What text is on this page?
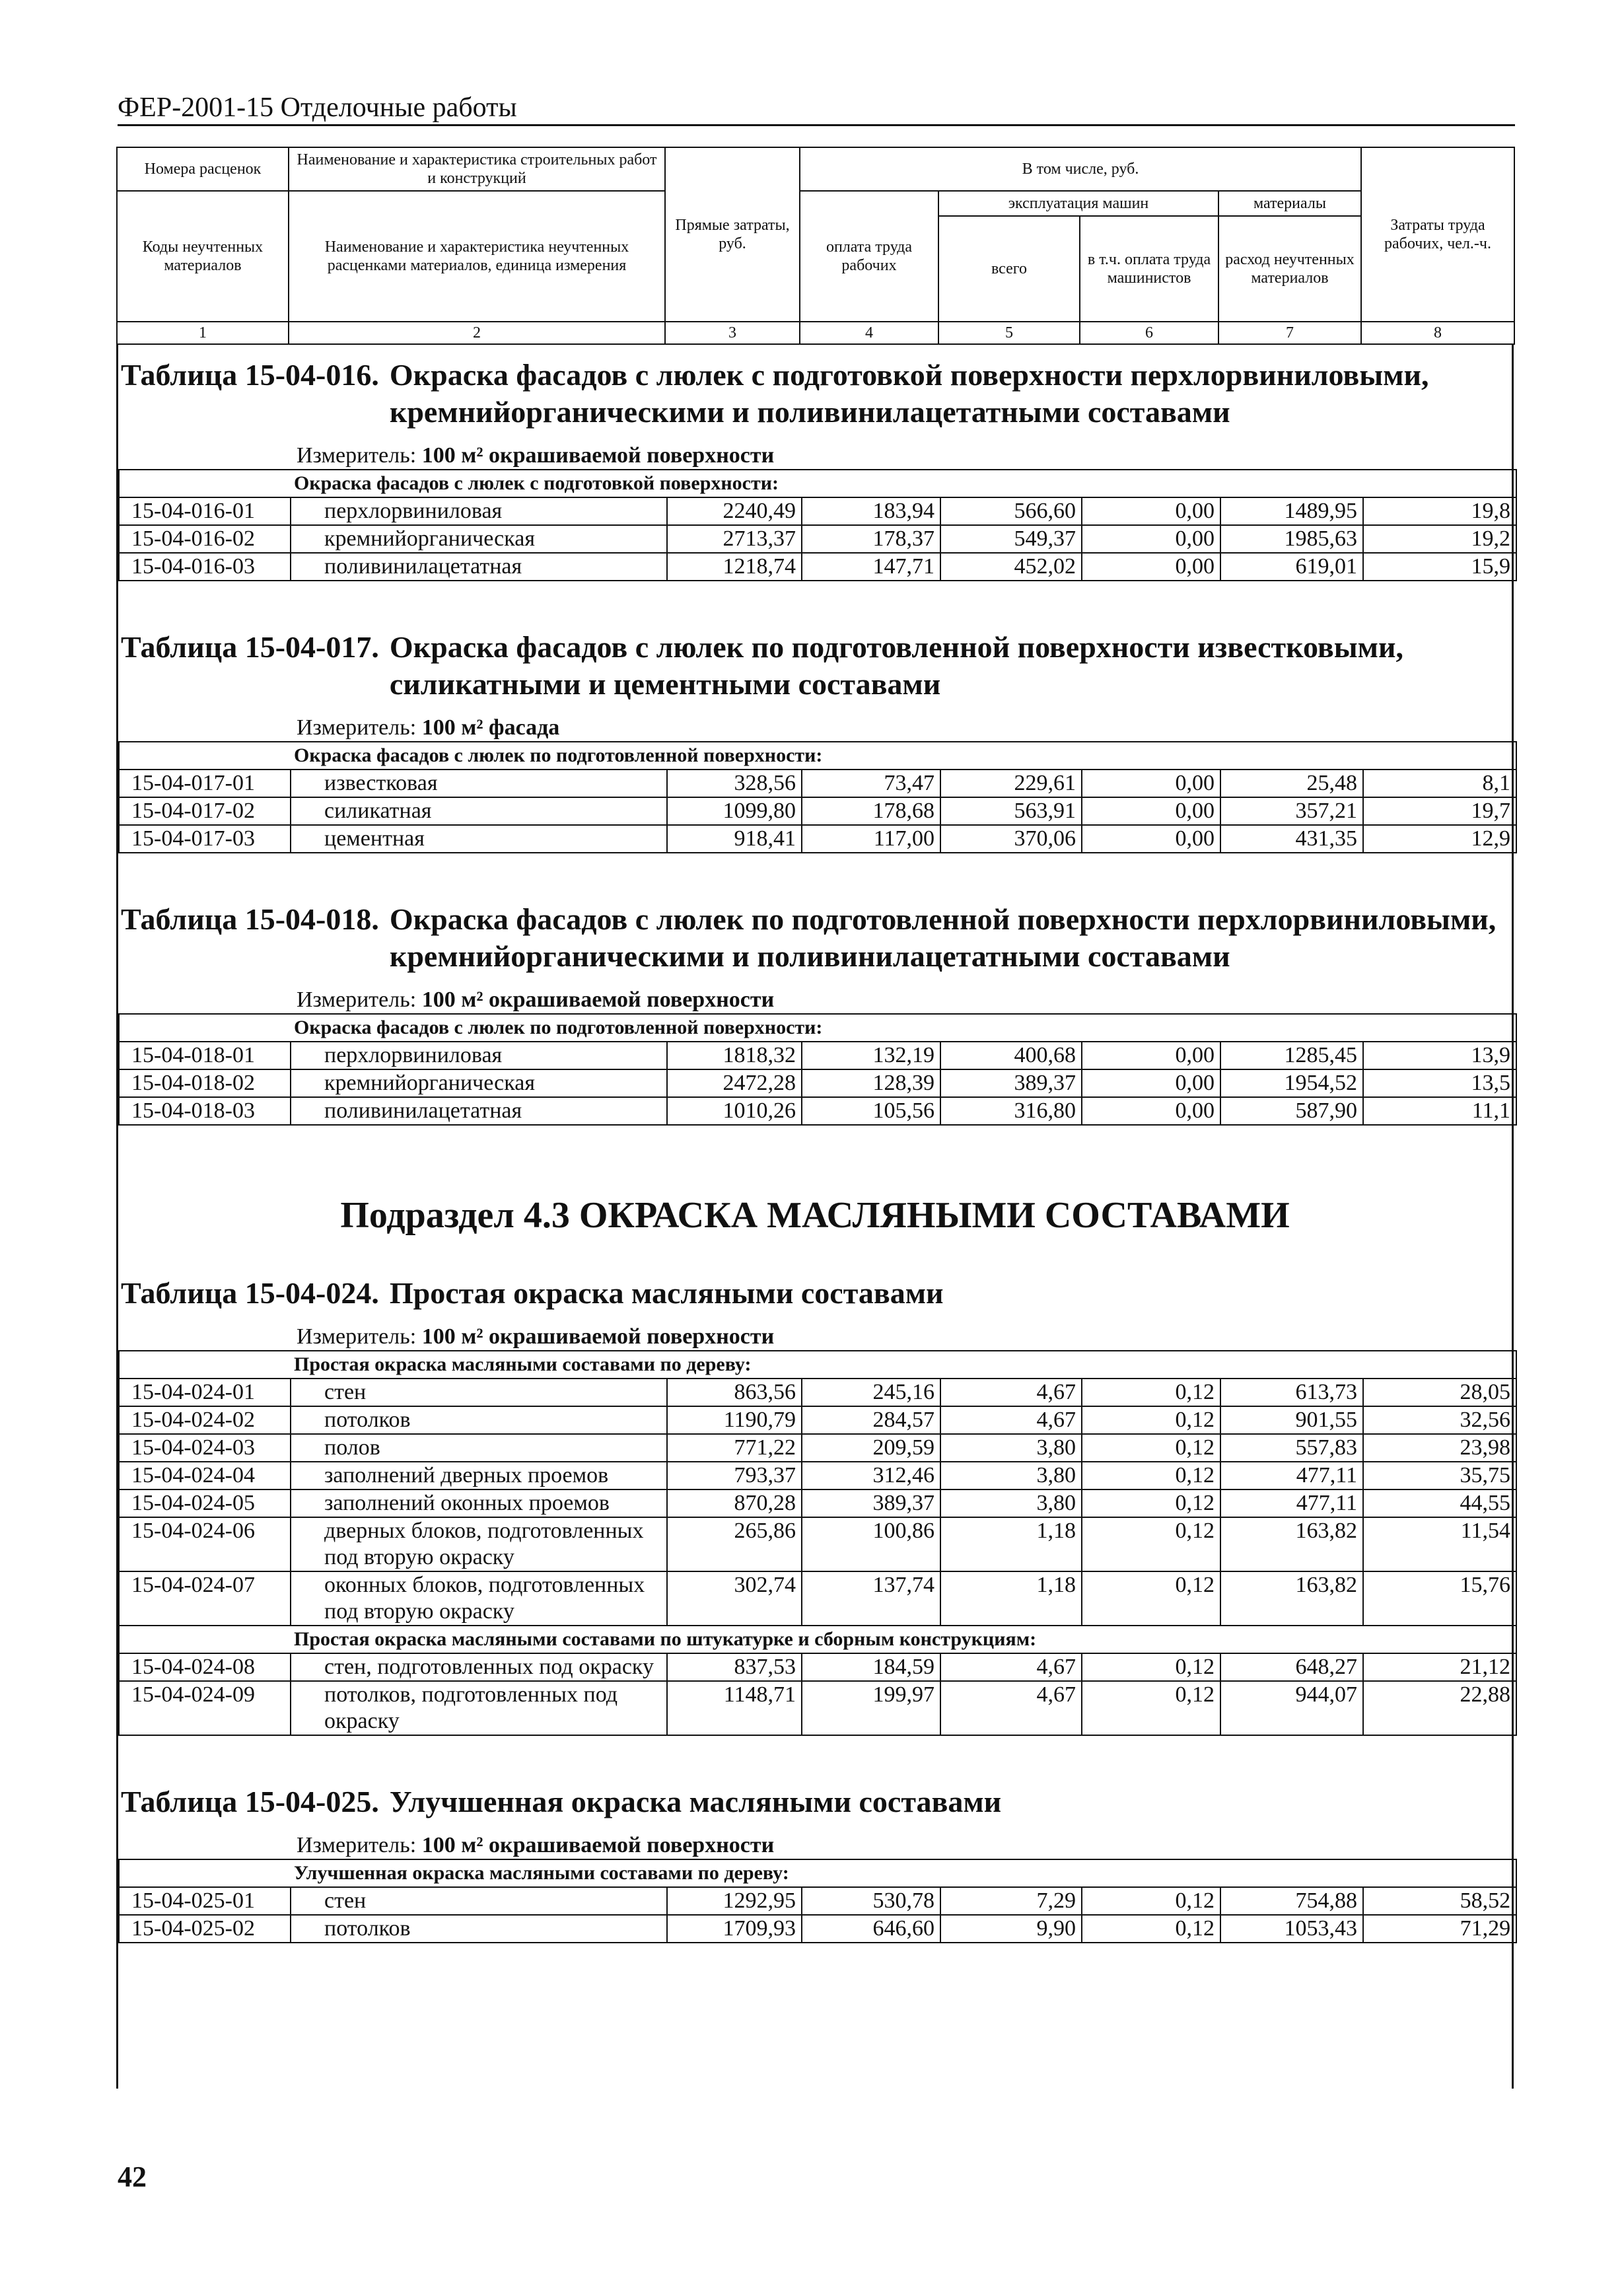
ФЕР-2001-15 Отделочные работы
Номера расценок	Наименование и характеристика строительных работ и конструкций	Прямые затраты, руб.	В том числе, руб.				Затраты труда рабочих, чел.-ч.
Коды неучтенных материалов	Наименование и характеристика неучтенных расценками материалов, единица измерения		оплата труда рабочих	эксплуатация машин		материалы	
				всего	в т.ч. оплата труда машинистов	расход неучтенных материалов	
1	2	3	4	5	6	7	8
Таблица 15-04-016. Окраска фасадов с люлек с подготовкой поверхности перхлорвиниловыми, кремнийорганическими и поливинилацетатными составами
Измеритель: 100 м² окрашиваемой поверхности
Окраска фасадов с люлек с подготовкой поверхности:							
15-04-016-01	перхлорвиниловая	2240,49	183,94	566,60	0,00	1489,95	19,8
15-04-016-02	кремнийорганическая	2713,37	178,37	549,37	0,00	1985,63	19,2
15-04-016-03	поливинилацетатная	1218,74	147,71	452,02	0,00	619,01	15,9
Таблица 15-04-017. Окраска фасадов с люлек по подготовленной поверхности известковыми, силикатными и цементными составами
Измеритель: 100 м² фасада
Окраска фасадов с люлек по подготовленной поверхности:							
15-04-017-01	известковая	328,56	73,47	229,61	0,00	25,48	8,1
15-04-017-02	силикатная	1099,80	178,68	563,91	0,00	357,21	19,7
15-04-017-03	цементная	918,41	117,00	370,06	0,00	431,35	12,9
Таблица 15-04-018. Окраска фасадов с люлек по подготовленной поверхности перхлорвиниловыми, кремнийорганическими и поливинилацетатными составами
Измеритель: 100 м² окрашиваемой поверхности
Окраска фасадов с люлек по подготовленной поверхности:							
15-04-018-01	перхлорвиниловая	1818,32	132,19	400,68	0,00	1285,45	13,9
15-04-018-02	кремнийорганическая	2472,28	128,39	389,37	0,00	1954,52	13,5
15-04-018-03	поливинилацетатная	1010,26	105,56	316,80	0,00	587,90	11,1
Подраздел 4.3 ОКРАСКА МАСЛЯНЫМИ СОСТАВАМИ
Таблица 15-04-024. Простая окраска масляными составами
Измеритель: 100 м² окрашиваемой поверхности
Простая окраска масляными составами по дереву:							
15-04-024-01	стен	863,56	245,16	4,67	0,12	613,73	28,05
15-04-024-02	потолков	1190,79	284,57	4,67	0,12	901,55	32,56
15-04-024-03	полов	771,22	209,59	3,80	0,12	557,83	23,98
15-04-024-04	заполнений дверных проемов	793,37	312,46	3,80	0,12	477,11	35,75
15-04-024-05	заполнений оконных проемов	870,28	389,37	3,80	0,12	477,11	44,55
15-04-024-06	дверных блоков, подготовленных под вторую окраску	265,86	100,86	1,18	0,12	163,82	11,54
15-04-024-07	оконных блоков, подготовленных под вторую окраску	302,74	137,74	1,18	0,12	163,82	15,76
Простая окраска масляными составами по штукатурке и сборным конструкциям:							
15-04-024-08	стен, подготовленных под окраску	837,53	184,59	4,67	0,12	648,27	21,12
15-04-024-09	потолков, подготовленных под окраску	1148,71	199,97	4,67	0,12	944,07	22,88
Таблица 15-04-025. Улучшенная окраска масляными составами
Измеритель: 100 м² окрашиваемой поверхности
Улучшенная окраска масляными составами по дереву:							
15-04-025-01	стен	1292,95	530,78	7,29	0,12	754,88	58,52
15-04-025-02	потолков	1709,93	646,60	9,90	0,12	1053,43	71,29
42
